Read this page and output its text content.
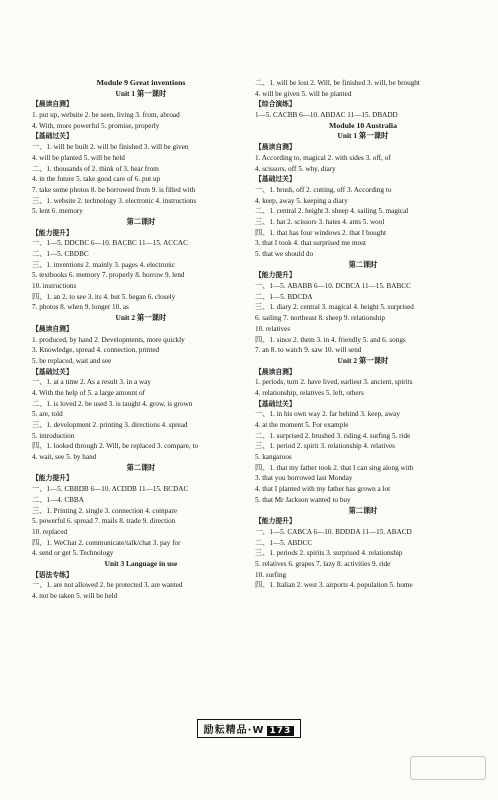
Module 9 Great inventions
Unit 1 第一课时
【晨读自测】
1. put up, website 2. be seen, living 3. from, abroad
4. With, more powerful 5. promise, properly
【基础过关】
一、1. will be built 2. will be finished 3. will be given
4. will be planted 5. will be held
二、1. thousands of 2. think of 3. hear from
4. in the future 5. take good care of 6. put up
7. take some photos 8. be borrowed from 9. is filled with
三、1. website 2. technology 3. electronic 4. instructions
5. lent 6. memory
第二课时
【能力提升】
一、1—5. DDCBC 6—10. BACBC 11—15. ACCAC
二、1—5. CBDBC
三、1. inventions 2. mainly 3. pages 4. electronic
5. textbooks 6. memory 7. properly 8. borrow 9. lend
10. instructions
四、1. an 2. to see 3. its 4. but 5. began 6. closely
7. photos 8. when 9. longer 10. as
Unit 2 第一课时
【晨读自测】
1. produced, by hand 2. Developments, more quickly
3. Knowledge, spread 4. connection, printed
5. be replaced, wait and see
【基础过关】
一、1. at a time 2. As a result 3. in a way
4. With the help of 5. a large amount of
二、1. is loved 2. be used 3. is taught 4. grow, is grown
5. are, told
三、1. development 2. printing 3. directions 4. spread
5. introduction
四、1. looked through 2. Will, be replaced 3. compare, to
4. wait, see 5. by hand
第二课时
【能力提升】
一、1—5. CBBDB 6—10. ACDDB 11—15. BCDAC
二、1—4. CBBA
三、1. Printing 2. single 3. connection 4. compare
5. powerful 6. spread 7. mails 8. trade 9. direction
10. replaced
四、1. WeChat 2. communicate/talk/chat 3. pay for
4. send or get 5. Technology
Unit 3 Language in use
【语法专练】
一、1. are not allowed 2. be protected 3. are wanted
4. not be taken 5. will be held
二、1. will be lost 2. Will, be finished 3. will, be brought
4. will be given 5. will be planted
【综合演练】
1—5. CACBB 6—10. ABDAC 11—15. DBADD
Module 10 Australia
Unit 1 第一课时
【晨读自测】
1. According to, magical 2. with sides 3. off, of
4. scissors, off 5. why, diary
【基础过关】
一、1. brush, off 2. cutting, off 3. According to
4. keep, away 5. keeping a diary
二、1. central 2. height 3. sheep 4. sailing 5. magical
三、1. hat 2. scissors 3. hates 4. ants 5. wool
四、1. that has four windows 2. that I bought
3. that I took 4. that surprised me most
5. that we should do
第二课时
【能力提升】
一、1—5. ABABB 6—10. DCBCA 11—15. BABCC
二、1—5. BDCDA
三、1. diary 2. central 3. magical 4. height 5. surprised
6. sailing 7. northeast 8. sheep 9. relationship
10. relatives
四、1. since 2. them 3. in 4. friendly 5. and 6. songs
7. an 8. to watch 9. saw 10. will send
Unit 2 第一课时
【晨读自测】
1. periods, turn 2. have lived, earliest 3. ancient, spirits
4. relationship, relatives 5. left, others
【基础过关】
一、1. in his own way 2. far behind 3. keep, away
4. at the moment 5. For example
二、1. surprised 2. brushed 3. riding 4. surfing 5. ride
三、1. period 2. spirit 3. relationship 4. relatives
5. kangaroos
四、1. that my father took 2. that I can sing along with
3. that you borrowed last Monday
4. that I planted with my father has grown a lot
5. that Mr Jackson wanted to buy
第二课时
【能力提升】
一、1—5. CABCA 6—10. BDDDA 11—15. ABACD
二、1—5. ABDCC
三、1. periods 2. spirits 3. surprised 4. relationship
5. relatives 6. grapes 7. lazy 8. activities 9. ride
10. surfing
四、1. Italian 2. west 3. airports 4. population 5. home
励耘精品·W 173
